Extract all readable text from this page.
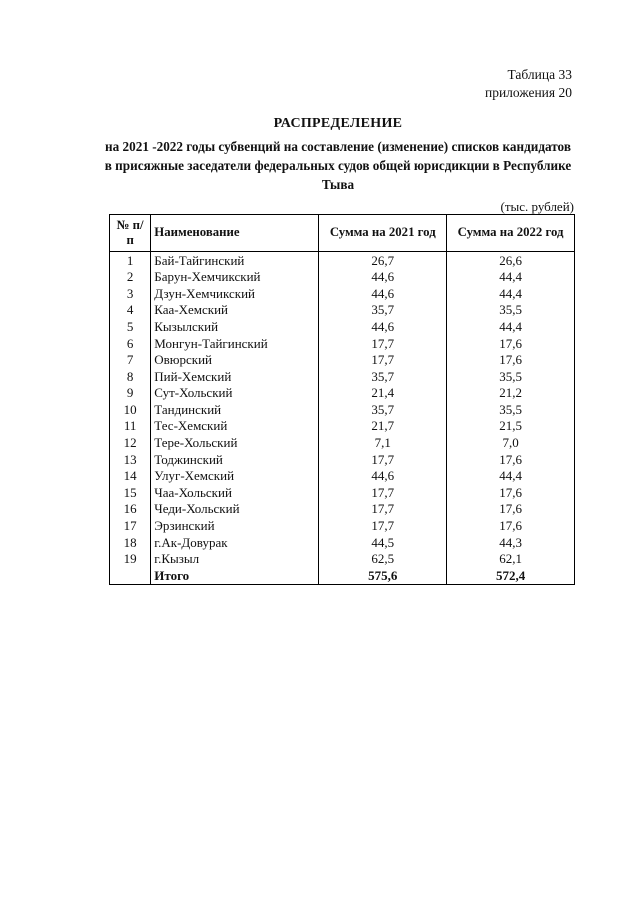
Таблица 33
приложения 20
РАСПРЕДЕЛЕНИЕ
на 2021 -2022 годы субвенций на составление (изменение) списков кандидатов в присяжные заседатели федеральных судов общей юрисдикции в Республике Тыва
(тыс. рублей)
№ п/п	Наименование	Сумма на 2021 год	Сумма на 2022 год
1	Бай-Тайгинский	26,7	26,6
2	Барун-Хемчикский	44,6	44,4
3	Дзун-Хемчикский	44,6	44,4
4	Каа-Хемский	35,7	35,5
5	Кызылский	44,6	44,4
6	Монгун-Тайгинский	17,7	17,6
7	Овюрский	17,7	17,6
8	Пий-Хемский	35,7	35,5
9	Сут-Хольский	21,4	21,2
10	Тандинский	35,7	35,5
11	Тес-Хемский	21,7	21,5
12	Тере-Хольский	7,1	7,0
13	Тоджинский	17,7	17,6
14	Улуг-Хемский	44,6	44,4
15	Чаа-Хольский	17,7	17,6
16	Чеди-Хольский	17,7	17,6
17	Эрзинский	17,7	17,6
18	г.Ак-Довурак	44,5	44,3
19	г.Кызыл	62,5	62,1
	Итого	575,6	572,4
